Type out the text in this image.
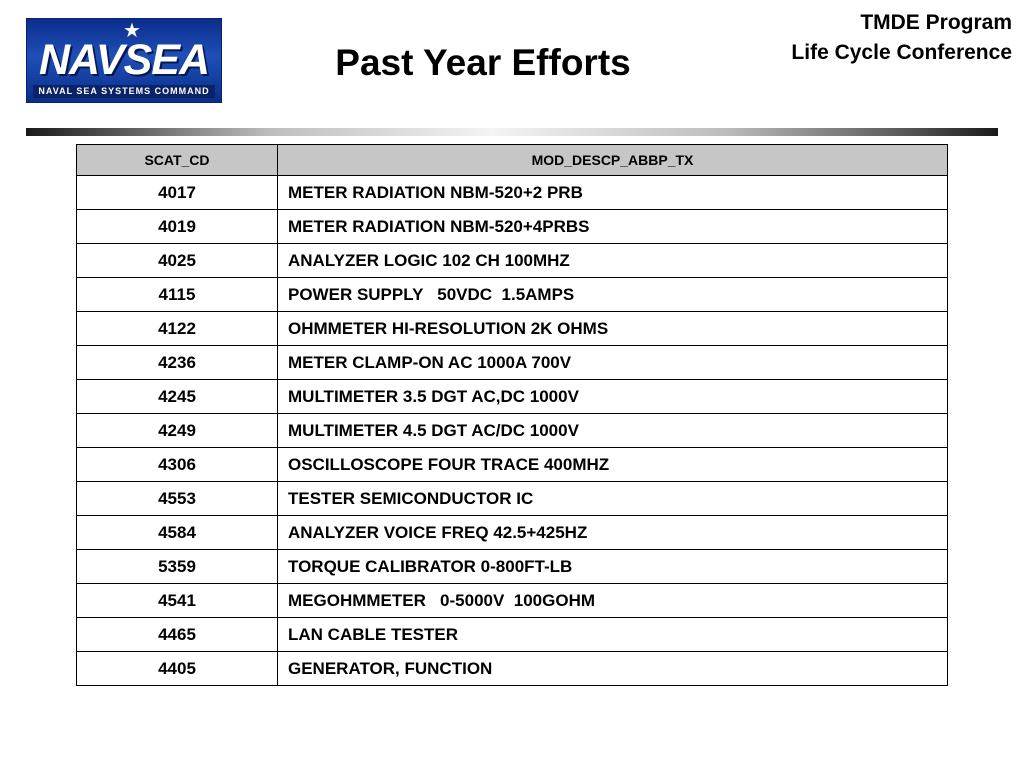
★
NAVSEA
NAVAL SEA SYSTEMS COMMAND
Past Year Efforts
TMDE Program
Life Cycle Conference
SCAT_CD	MOD_DESCP_ABBP_TX
4017	METER RADIATION NBM-520+2 PRB
4019	METER RADIATION NBM-520+4PRBS
4025	ANALYZER LOGIC 102 CH 100MHZ
4115	POWER SUPPLY   50VDC  1.5AMPS
4122	OHMMETER HI-RESOLUTION 2K OHMS
4236	METER CLAMP-ON AC 1000A 700V
4245	MULTIMETER 3.5 DGT AC,DC 1000V
4249	MULTIMETER 4.5 DGT AC/DC 1000V
4306	OSCILLOSCOPE FOUR TRACE 400MHZ
4553	TESTER SEMICONDUCTOR IC
4584	ANALYZER VOICE FREQ 42.5+425HZ
5359	TORQUE CALIBRATOR 0-800FT-LB
4541	MEGOHMMETER   0-5000V  100GOHM
4465	LAN CABLE TESTER
4405	GENERATOR, FUNCTION
